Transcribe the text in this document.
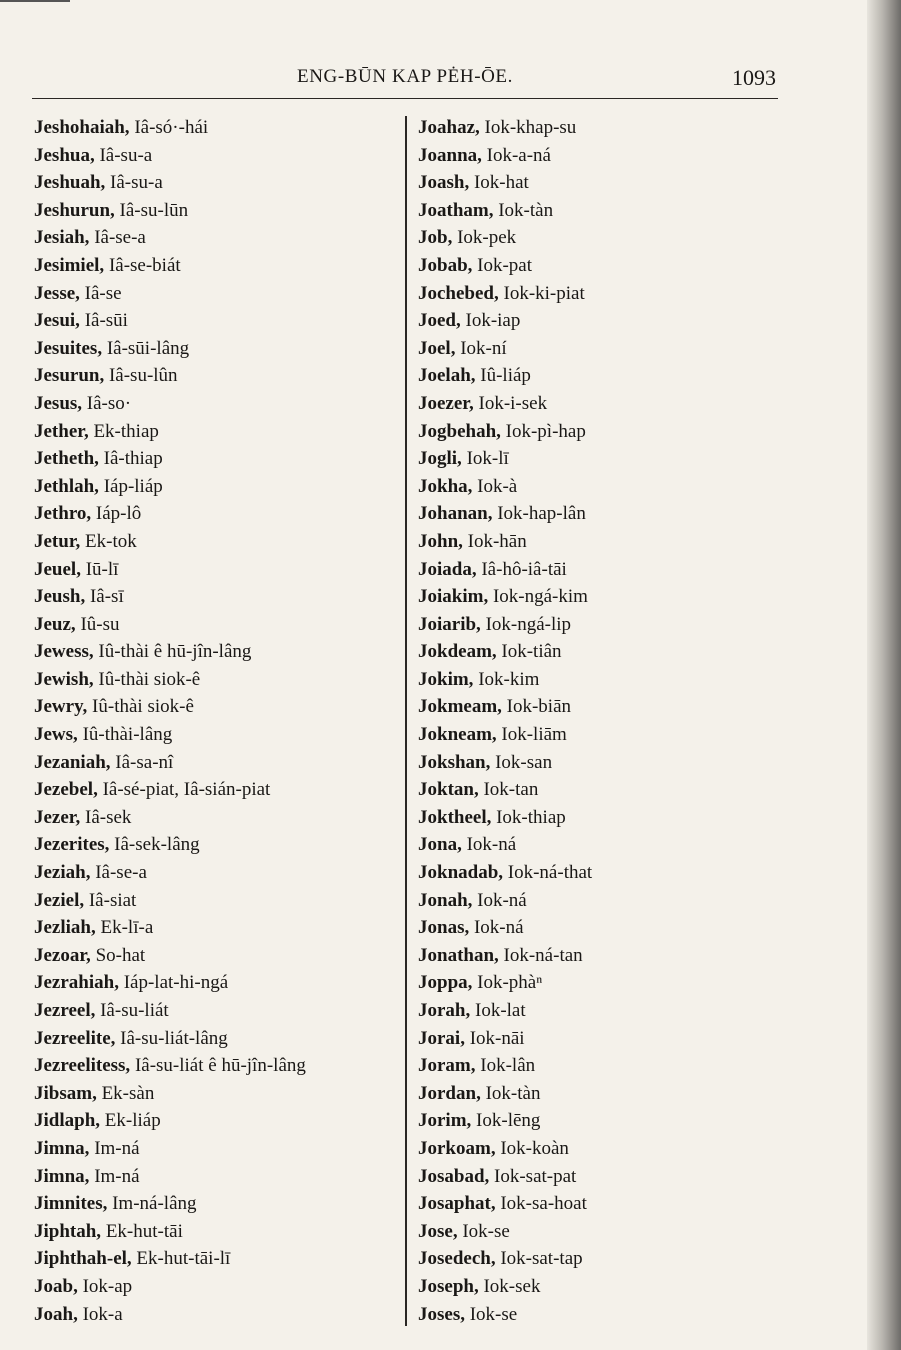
ENG-BŪN KAP PĖH-ŌE.	1093
Jeshohaiah, Iâ-só·-hái
Jeshua, Iâ-su-a
Jeshuah, Iâ-su-a
Jeshurun, Iâ-su-lūn
Jesiah, Iâ-se-a
Jesimiel, Iâ-se-biát
Jesse, Iâ-se
Jesui, Iâ-sūi
Jesuites, Iâ-sūi-lâng
Jesurun, Iâ-su-lûn
Jesus, Iâ-so·
Jether, Ek-thiap
Jetheth, Iâ-thiap
Jethlah, Iáp-liáp
Jethro, Iáp-lô
Jetur, Ek-tok
Jeuel, Iū-lī
Jeush, Iâ-sī
Jeuz, Iû-su
Jewess, Iû-thài ê hū-jîn-lâng
Jewish, Iû-thài siok-ê
Jewry, Iû-thài siok-ê
Jews, Iû-thài-lâng
Jezaniah, Iâ-sa-nî
Jezebel, Iâ-sé-piat, Iâ-sián-piat
Jezer, Iâ-sek
Jezerites, Iâ-sek-lâng
Jeziah, Iâ-se-a
Jeziel, Iâ-siat
Jezliah, Ek-lī-a
Jezoar, So-hat
Jezrahiah, Iáp-lat-hi-ngá
Jezreel, Iâ-su-liát
Jezreelite, Iâ-su-liát-lâng
Jezreelitess, Iâ-su-liát ê hū-jîn-lâng
Jibsam, Ek-sàn
Jidlaph, Ek-liáp
Jimna, Im-ná
Jimna, Im-ná
Jimnites, Im-ná-lâng
Jiphtah, Ek-hut-tāi
Jiphthah-el, Ek-hut-tāi-lī
Joab, Iok-ap
Joah, Iok-a
Joahaz, Iok-khap-su
Joanna, Iok-a-ná
Joash, Iok-hat
Joatham, Iok-tàn
Job, Iok-pek
Jobab, Iok-pat
Jochebed, Iok-ki-piat
Joed, Iok-iap
Joel, Iok-ní
Joelah, Iû-liáp
Joezer, Iok-i-sek
Jogbehah, Iok-pì-hap
Jogli, Iok-lī
Jokha, Iok-à
Johanan, Iok-hap-lân
John, Iok-hān
Joiada, Iâ-hô-iâ-tāi
Joiakim, Iok-ngá-kim
Joiarib, Iok-ngá-lip
Jokdeam, Iok-tiân
Jokim, Iok-kim
Jokmeam, Iok-biān
Jokneam, Iok-liām
Jokshan, Iok-san
Joktan, Iok-tan
Joktheel, Iok-thiap
Jona, Iok-ná
Joknadab, Iok-ná-that
Jonah, Iok-ná
Jonas, Iok-ná
Jonathan, Iok-ná-tan
Joppa, Iok-phàⁿ
Jorah, Iok-lat
Jorai, Iok-nāi
Joram, Iok-lân
Jordan, Iok-tàn
Jorim, Iok-lēng
Jorkoam, Iok-koàn
Josabad, Iok-sat-pat
Josaphat, Iok-sa-hoat
Jose, Iok-se
Josedech, Iok-sat-tap
Joseph, Iok-sek
Joses, Iok-se
